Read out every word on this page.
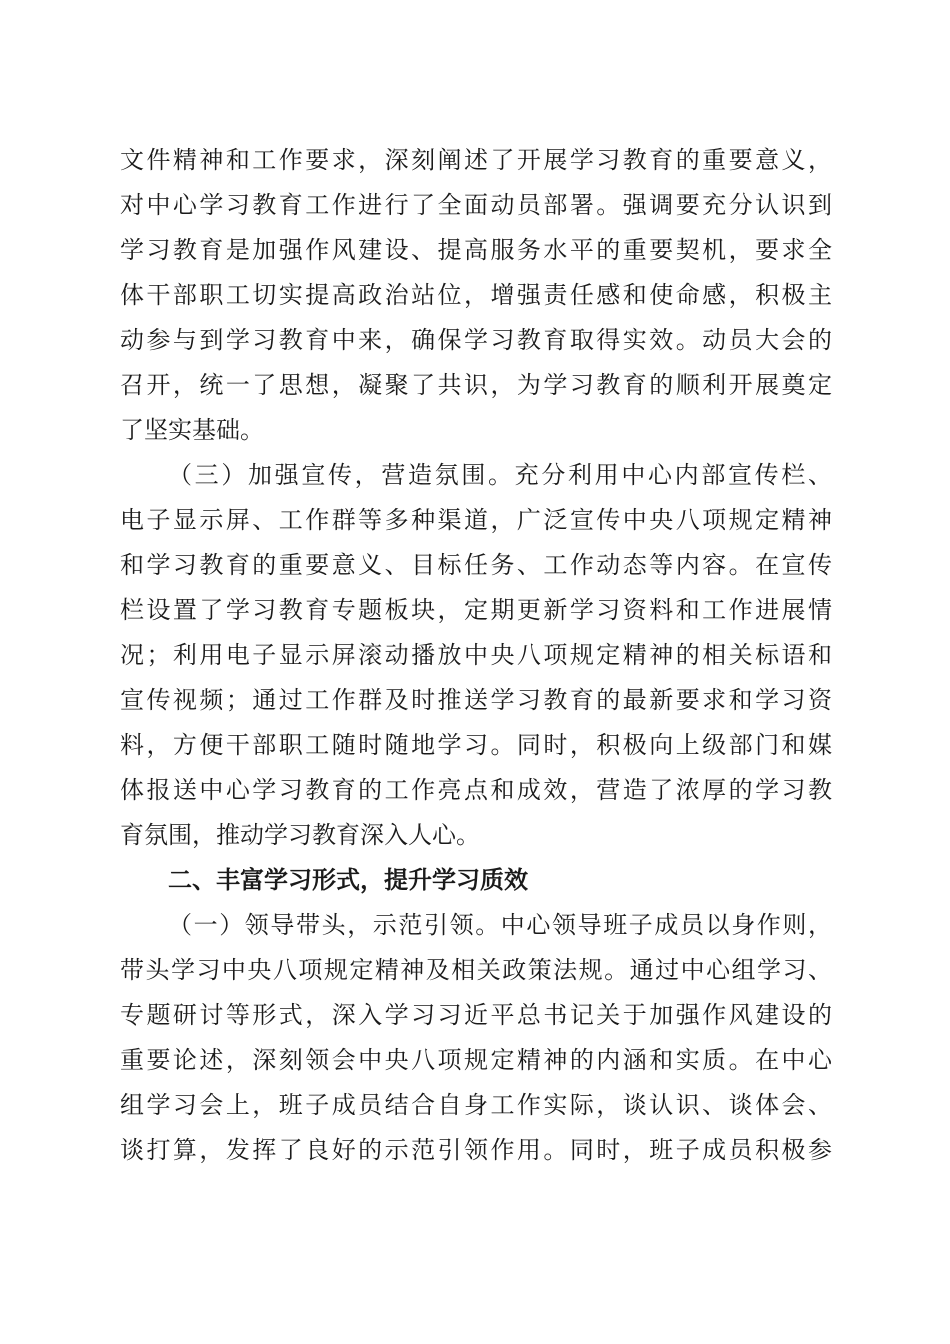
文件精神和工作要求，深刻阐述了开展学习教育的重要意义，
对中心学习教育工作进行了全面动员部署。强调要充分认识到
学习教育是加强作风建设、提高服务水平的重要契机，要求全
体干部职工切实提高政治站位，增强责任感和使命感，积极主
动参与到学习教育中来，确保学习教育取得实效。动员大会的
召开，统一了思想，凝聚了共识，为学习教育的顺利开展奠定
了坚实基础。
（三）加强宣传，营造氛围。充分利用中心内部宣传栏、
电子显示屏、工作群等多种渠道，广泛宣传中央八项规定精神
和学习教育的重要意义、目标任务、工作动态等内容。在宣传
栏设置了学习教育专题板块，定期更新学习资料和工作进展情
况；利用电子显示屏滚动播放中央八项规定精神的相关标语和
宣传视频；通过工作群及时推送学习教育的最新要求和学习资
料，方便干部职工随时随地学习。同时，积极向上级部门和媒
体报送中心学习教育的工作亮点和成效，营造了浓厚的学习教
育氛围，推动学习教育深入人心。
二、丰富学习形式，提升学习质效
（一）领导带头，示范引领。中心领导班子成员以身作则，
带头学习中央八项规定精神及相关政策法规。通过中心组学习、
专题研讨等形式，深入学习习近平总书记关于加强作风建设的
重要论述，深刻领会中央八项规定精神的内涵和实质。在中心
组学习会上，班子成员结合自身工作实际，谈认识、谈体会、
谈打算，发挥了良好的示范引领作用。同时，班子成员积极参
